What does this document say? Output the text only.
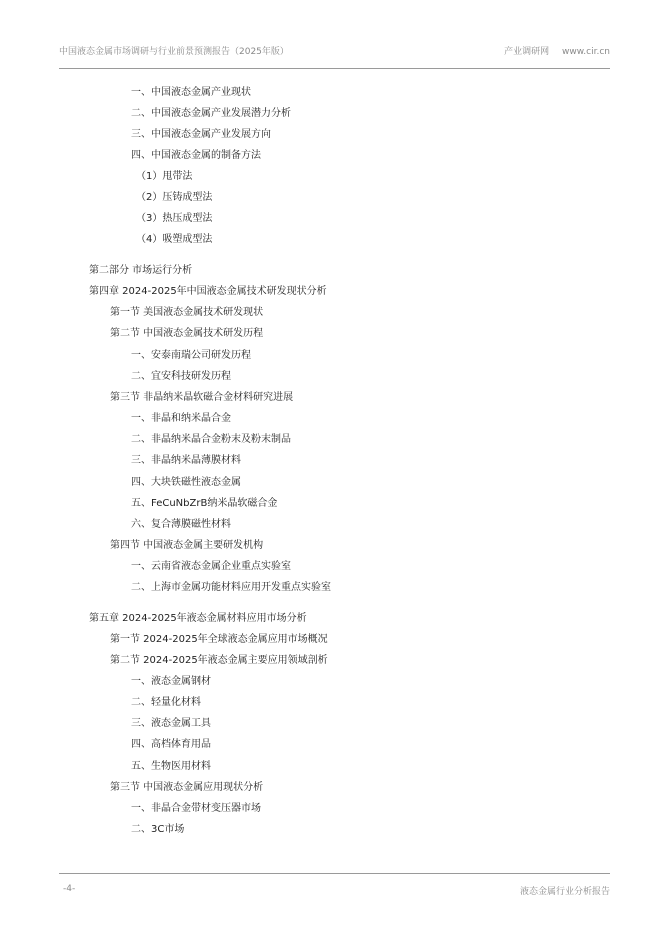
中国液态金属市场调研与行业前景预测报告（2025年版）	产业调研网 www.cir.cn
一、中国液态金属产业现状
二、中国液态金属产业发展潜力分析
三、中国液态金属产业发展方向
四、中国液态金属的制备方法
（1）甩带法
（2）压铸成型法
（3）热压成型法
（4）吸塑成型法
第二部分 市场运行分析
第四章 2024-2025年中国液态金属技术研发现状分析
第一节 美国液态金属技术研发现状
第二节 中国液态金属技术研发历程
一、安泰南瑞公司研发历程
二、宜安科技研发历程
第三节 非晶纳米晶软磁合金材料研究进展
一、非晶和纳米晶合金
二、非晶纳米晶合金粉末及粉末制品
三、非晶纳米晶薄膜材料
四、大块铁磁性液态金属
五、FeCuNbZrB纳米晶软磁合金
六、复合薄膜磁性材料
第四节 中国液态金属主要研发机构
一、云南省液态金属企业重点实验室
二、上海市金属功能材料应用开发重点实验室
第五章 2024-2025年液态金属材料应用市场分析
第一节 2024-2025年全球液态金属应用市场概况
第二节 2024-2025年液态金属主要应用领域剖析
一、液态金属钢材
二、轻量化材料
三、液态金属工具
四、高档体育用品
五、生物医用材料
第三节 中国液态金属应用现状分析
一、非晶合金带材变压器市场
二、3C市场
-4-	液态金属行业分析报告
